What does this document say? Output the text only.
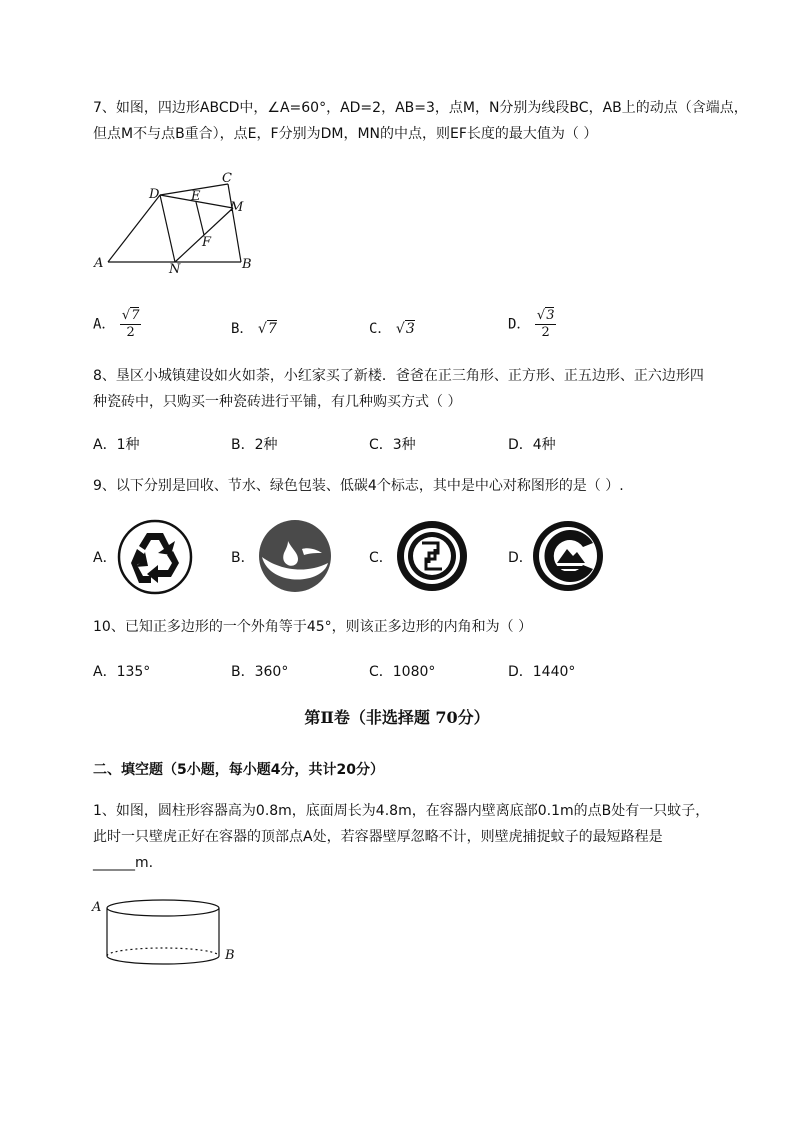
7、如图，四边形ABCD中，∠A=60°，AD=2，AB=3，点M，N分别为线段BC，AB上的动点（含端点，
但点M不与点B重合），点E，F分别为DM，MN的中点，则EF长度的最大值为（ ）
A	B
C
D E
F
M
N
A． $\frac{√7}{2}$	B． √7	C． √3	D． $\frac{√3}{2}$
8、垦区小城镇建设如火如荼，小红家买了新楼．爸爸在正三角形、正方形、正五边形、正六边形四
种瓷砖中，只购买一种瓷砖进行平铺，有几种购买方式（ ）
A．1种	B．2种	C．3种	D．4种
9、以下分别是回收、节水、绿色包装、低碳4个标志，其中是中心对称图形的是（ ）.
A．	B．	C．	D．
10、已知正多边形的一个外角等于45°，则该正多边形的内角和为（ ）
A．135°	B．360°	C．1080°	D．1440°
第Ⅱ卷（非选择题 70分）
二、填空题（5小题，每小题4分，共计20分）
1、如图，圆柱形容器高为0.8m，底面周长为4.8m，在容器内壁离底部0.1m的点B处有一只蚊子，
此时一只壁虎正好在容器的顶部点A处，若容器壁厚忽略不计，则壁虎捕捉蚊子的最短路程是
______m.
A
B
